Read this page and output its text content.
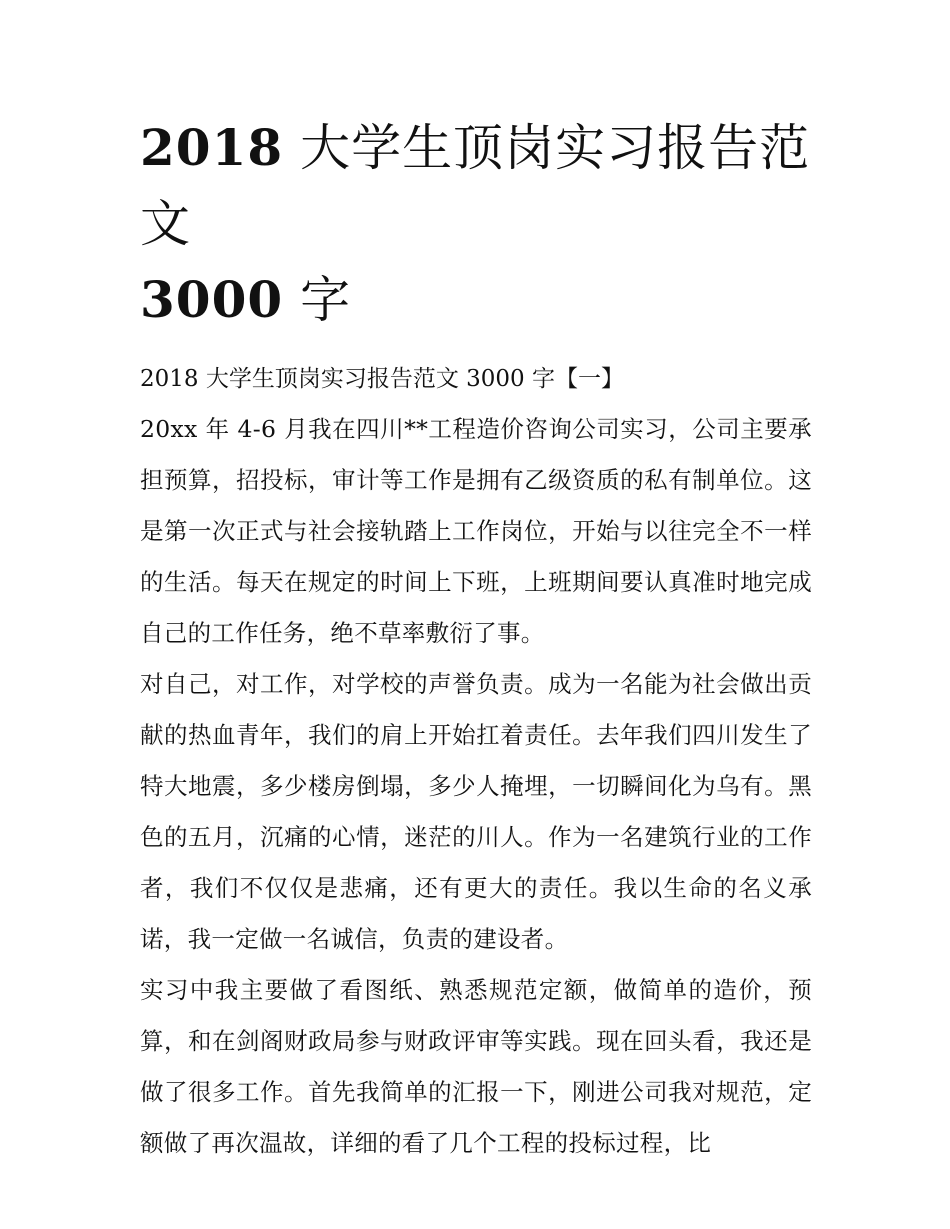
2018 大学生顶岗实习报告范文
3000 字
2018 大学生顶岗实习报告范文 3000 字【一】

20xx 年 4-6 月我在四川**工程造价咨询公司实习，公司主要承担预算，招投标，审计等工作是拥有乙级资质的私有制单位。这是第一次正式与社会接轨踏上工作岗位，开始与以往完全不一样的生活。每天在规定的时间上下班，上班期间要认真准时地完成自己的工作任务，绝不草率敷衍了事。

对自己，对工作，对学校的声誉负责。成为一名能为社会做出贡献的热血青年，我们的肩上开始扛着责任。去年我们四川发生了特大地震，多少楼房倒塌，多少人掩埋，一切瞬间化为乌有。黑色的五月，沉痛的心情，迷茫的川人。作为一名建筑行业的工作者，我们不仅仅是悲痛，还有更大的责任。我以生命的名义承诺，我一定做一名诚信，负责的建设者。

实习中我主要做了看图纸、熟悉规范定额，做简单的造价，预算，和在剑阁财政局参与财政评审等实践。现在回头看，我还是做了很多工作。首先我简单的汇报一下，刚进公司我对规范，定额做了再次温故，详细的看了几个工程的投标过程，比
